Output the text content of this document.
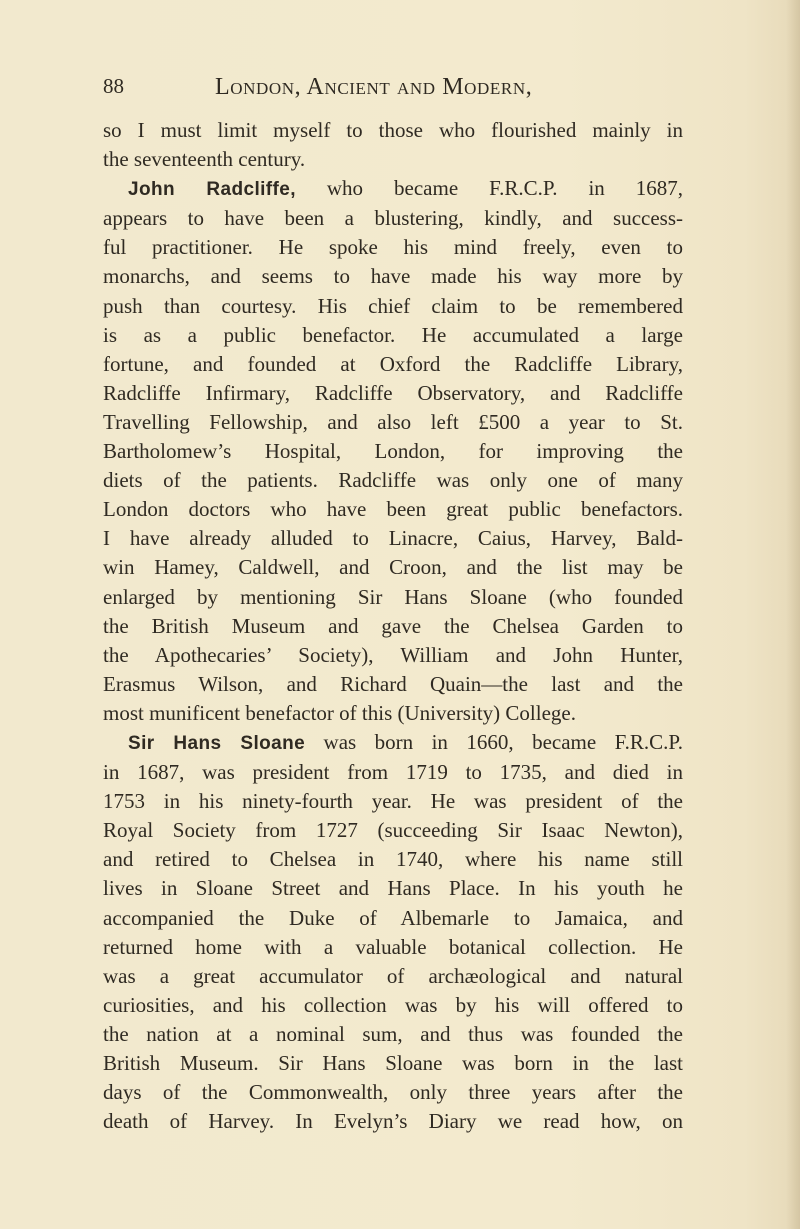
88	London, Ancient and Modern,
so I must limit myself to those who flourished mainly in
the seventeenth century.
John Radcliffe, who became F.R.C.P. in 1687,
appears to have been a blustering, kindly, and success-
ful practitioner. He spoke his mind freely, even to
monarchs, and seems to have made his way more by
push than courtesy. His chief claim to be remembered
is as a public benefactor. He accumulated a large
fortune, and founded at Oxford the Radcliffe Library,
Radcliffe Infirmary, Radcliffe Observatory, and Radcliffe
Travelling Fellowship, and also left £500 a year to St.
Bartholomew’s Hospital, London, for improving the
diets of the patients. Radcliffe was only one of many
London doctors who have been great public benefactors.
I have already alluded to Linacre, Caius, Harvey, Bald-
win Hamey, Caldwell, and Croon, and the list may be
enlarged by mentioning Sir Hans Sloane (who founded
the British Museum and gave the Chelsea Garden to
the Apothecaries’ Society), William and John Hunter,
Erasmus Wilson, and Richard Quain—the last and the
most munificent benefactor of this (University) College.
Sir Hans Sloane was born in 1660, became F.R.C.P.
in 1687, was president from 1719 to 1735, and died in
1753 in his ninety-fourth year. He was president of the
Royal Society from 1727 (succeeding Sir Isaac Newton),
and retired to Chelsea in 1740, where his name still
lives in Sloane Street and Hans Place. In his youth he
accompanied the Duke of Albemarle to Jamaica, and
returned home with a valuable botanical collection. He
was a great accumulator of archæological and natural
curiosities, and his collection was by his will offered to
the nation at a nominal sum, and thus was founded the
British Museum. Sir Hans Sloane was born in the last
days of the Commonwealth, only three years after the
death of Harvey. In Evelyn’s Diary we read how, on
